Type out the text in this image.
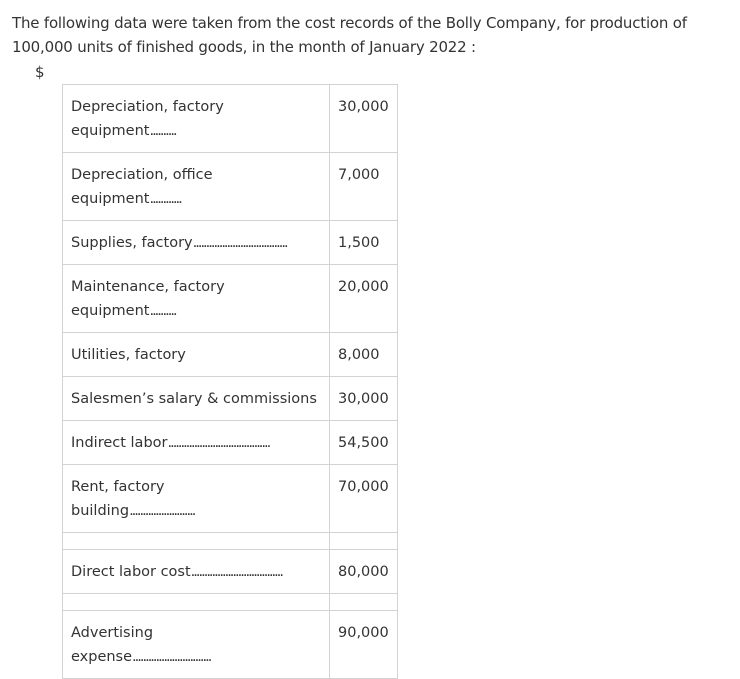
The following data were taken from the cost records of the Bolly Company, for production of 100,000 units of finished goods, in the month of January 2022 :

$
Depreciation, factory
equipment..........	30,000
Depreciation, office
equipment............	7,000
Supplies, factory....................................	1,500
Maintenance, factory
equipment..........	20,000
Utilities, factory	8,000
Salesmen’s salary & commissions	30,000
Indirect labor.......................................	54,500
Rent, factory
building.........................	70,000

Direct labor cost...................................	80,000

Advertising
expense..............................	90,000
